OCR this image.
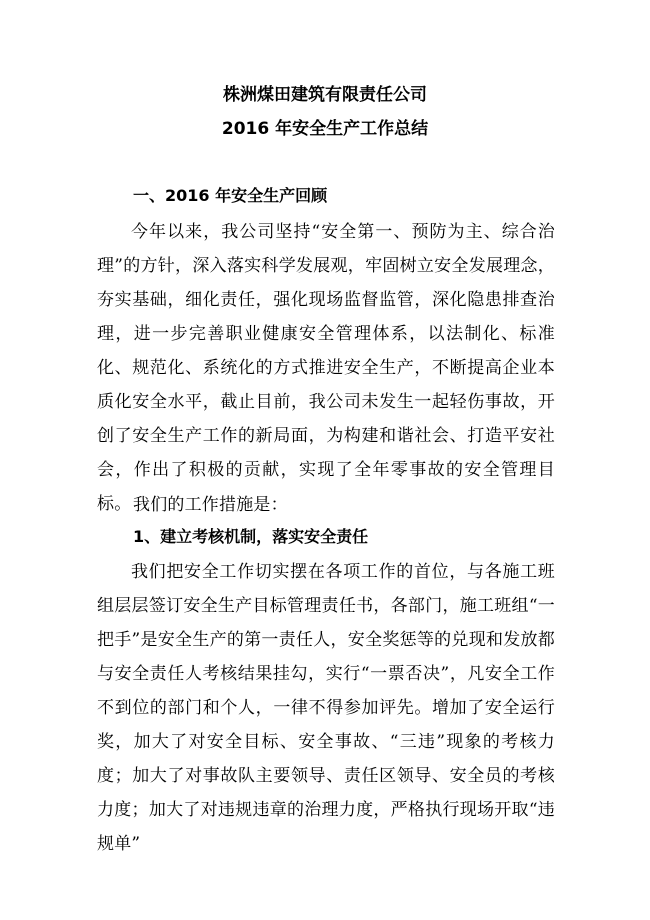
株洲煤田建筑有限责任公司
2016 年安全生产工作总结
一、2016 年安全生产回顾

今年以来，我公司坚持“安全第一、预防为主、综合治理”的方针，深入落实科学发展观，牢固树立安全发展理念，夯实基础，细化责任，强化现场监督监管，深化隐患排查治理，进一步完善职业健康安全管理体系，以法制化、标准化、规范化、系统化的方式推进安全生产，不断提高企业本质化安全水平，截止目前，我公司未发生一起轻伤事故，开创了安全生产工作的新局面，为构建和谐社会、打造平安社会，作出了积极的贡献，实现了全年零事故的安全管理目标。 我们的工作措施是：

1、建立考核机制，落实安全责任

我们把安全工作切实摆在各项工作的首位，与各施工班组层层签订安全生产目标管理责任书，各部门，施工班组“一把手”是安全生产的第一责任人，安全奖惩等的兑现和发放都与安全责任人考核结果挂勾，实行“一票否决”，凡安全工作不到位的部门和个人，一律不得参加评先。增加了安全运行奖，加大了对安全目标、安全事故、“三违”现象的考核力度；加大了对事故队主要领导、责任区领导、安全员的考核力度；加大了对违规违章的治理力度，严格执行现场开取“违规单”
